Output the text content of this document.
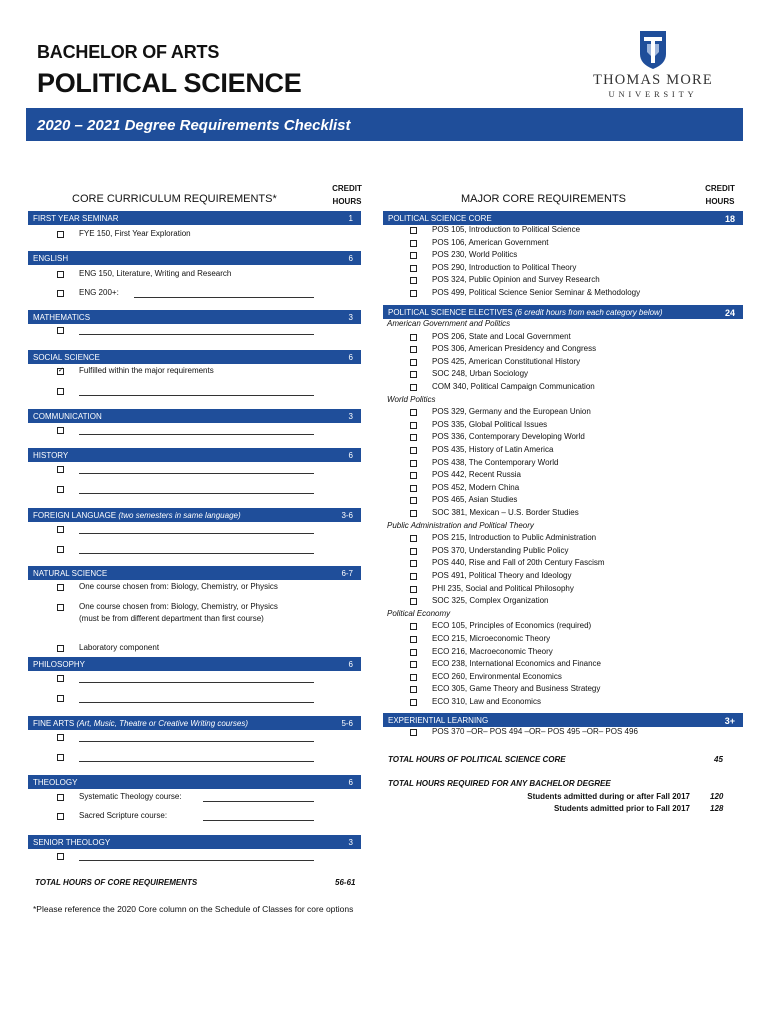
BACHELOR OF ARTS
POLITICAL SCIENCE	THOMAS MORE
UNIVERSITY
2020 – 2021 Degree Requirements Checklist
CORE CURRICULUM REQUIREMENTS*
CREDIT HOURS	MAJOR CORE REQUIREMENTS
CREDIT HOURS
FIRST YEAR SEMINAR	1
FYE 150, First Year Exploration
ENGLISH	6
ENG 150, Literature, Writing and Research
ENG 200+:
MATHEMATICS	3
SOCIAL SCIENCE	6
✓
Fulfilled within the major requirements
COMMUNICATION	3
HISTORY	6
FOREIGN LANGUAGE (two semesters in same language)	3-6
NATURAL SCIENCE	6-7
One course chosen from: Biology, Chemistry, or Physics
One course chosen from: Biology, Chemistry, or Physics
(must be from different department than first course)
Laboratory component
PHILOSOPHY	6
FINE ARTS (Art, Music, Theatre or Creative Writing courses)	5-6
THEOLOGY	6
Systematic Theology course:
Sacred Scripture course:
SENIOR THEOLOGY	3
POLITICAL SCIENCE CORE	18
POS 105, Introduction to Political Science
POS 106, American Government
POS 230, World Politics
POS 290, Introduction to Political Theory
POS 324, Public Opinion and Survey Research
POS 499, Political Science Senior Seminar & Methodology
POLITICAL SCIENCE ELECTIVES (6 credit hours from each category below)	24
American Government and Politics
POS 206, State and Local Government
POS 306, American Presidency and Congress
POS 425, American Constitutional History
SOC 248, Urban Sociology
COM 340, Political Campaign Communication
World Politics
POS 329, Germany and the European Union
POS 335, Global Political Issues
POS 336, Contemporary Developing World
POS 435, History of Latin America
POS 438, The Contemporary World
POS 442, Recent Russia
POS 452, Modern China
POS 465, Asian Studies
SOC 381, Mexican – U.S. Border Studies
Public Administration and Political Theory
POS 215, Introduction to Public Administration
POS 370, Understanding Public Policy
POS 440, Rise and Fall of 20th Century Fascism
POS 491, Political Theory and Ideology
PHI 235, Social and Political Philosophy
SOC 325, Complex Organization
Political Economy
ECO 105, Principles of Economics (required)
ECO 215, Microeconomic Theory
ECO 216, Macroeconomic Theory
ECO 238, International Economics and Finance
ECO 260, Environmental Economics
ECO 305, Game Theory and Business Strategy
ECO 310, Law and Economics
EXPERIENTIAL LEARNING	3+
POS 370 –OR– POS 494 –OR– POS 495 –OR– POS 496
TOTAL HOURS OF POLITICAL SCIENCE CORE	45
TOTAL HOURS REQUIRED FOR ANY BACHELOR DEGREE
Students admitted during or after Fall 2017	120
Students admitted prior to Fall 2017	128
TOTAL HOURS OF CORE REQUIREMENTS	56-61
*Please reference the 2020 Core column on the Schedule of Classes for core options
